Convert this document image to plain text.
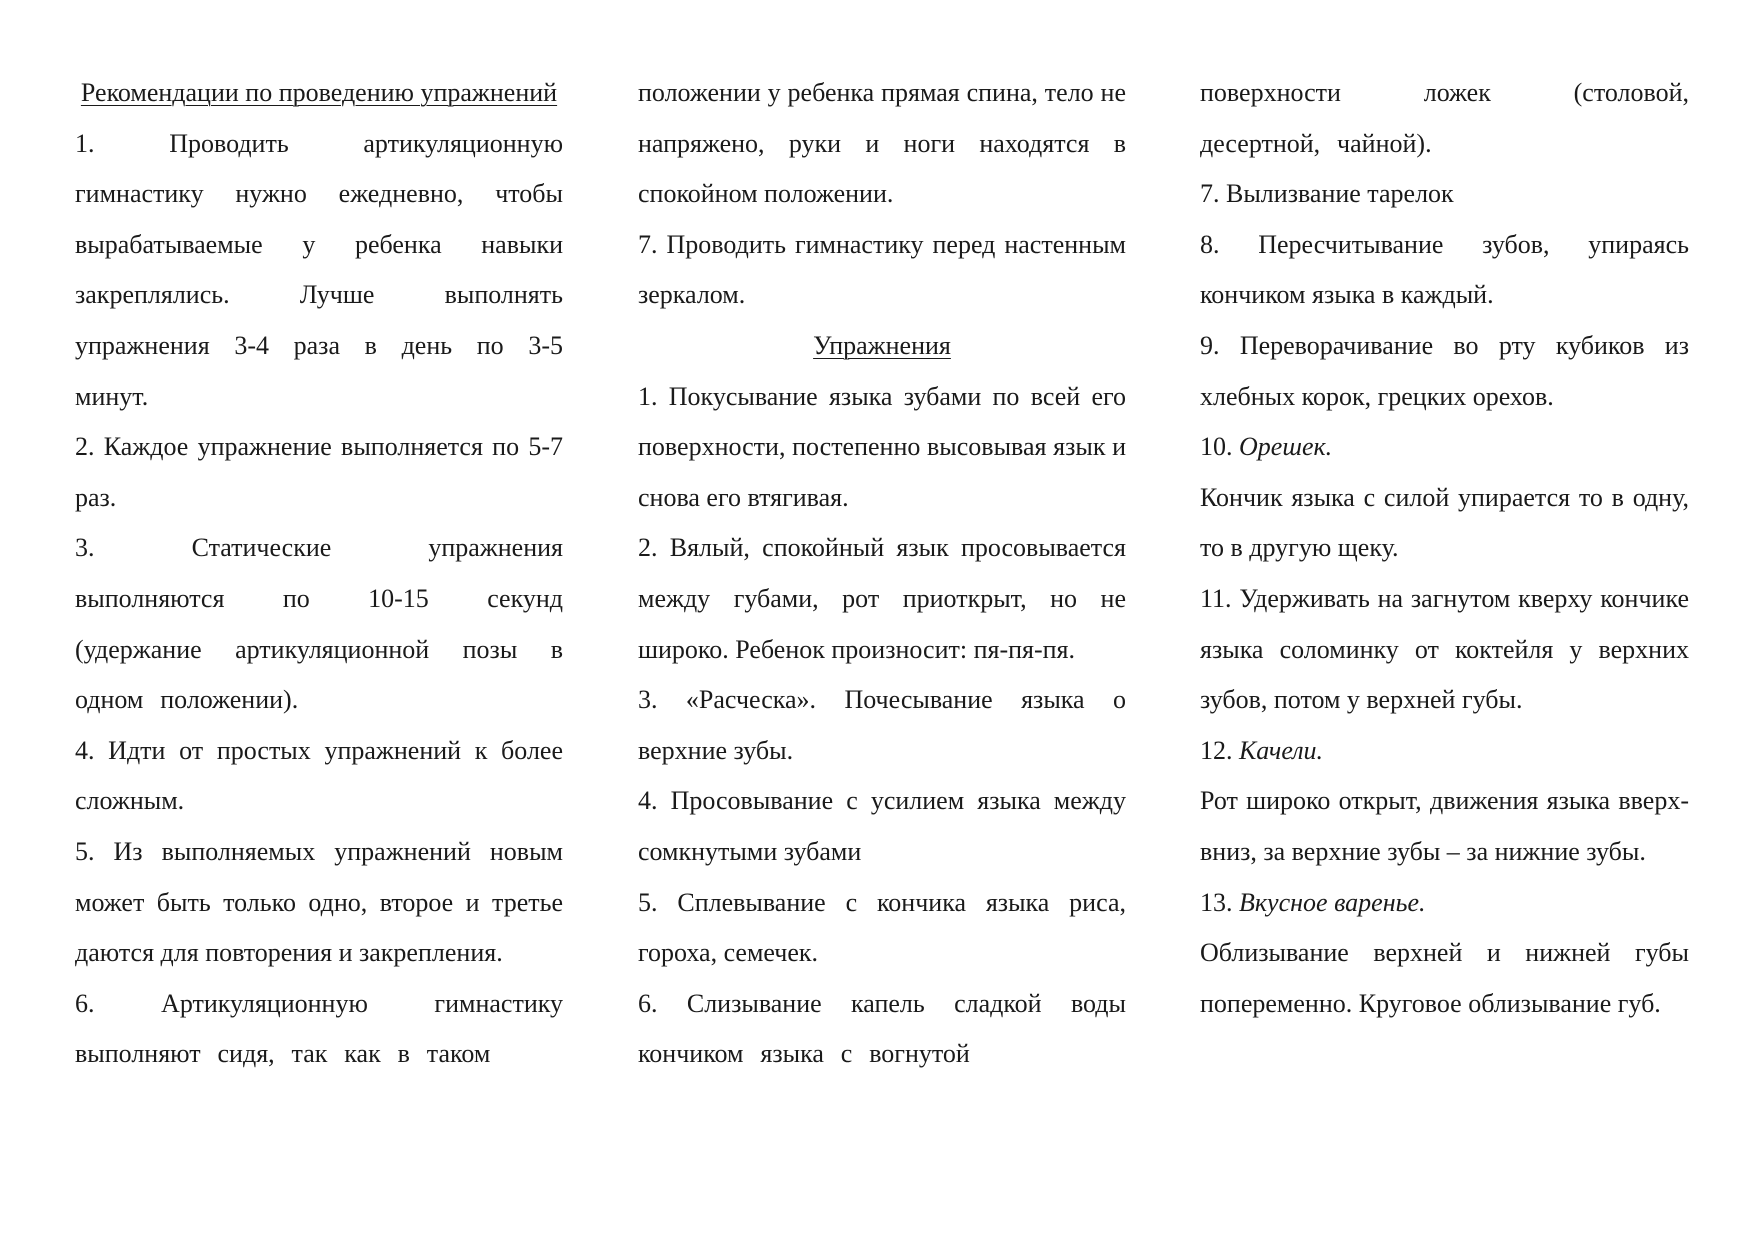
Рекомендации по проведению упражнений

1. Проводить артикуляционную гимнастику нужно ежедневно, чтобы вырабатываемые у ребенка навыки закреплялись. Лучше выполнять упражнения 3-4 раза в день по 3-5 минут.

2. Каждое упражнение выполняется по 5-7 раз.

3. Статические упражнения выполняются по 10-15 секунд (удержание артикуляционной позы в одном положении).

4. Идти от простых упражнений к более сложным.

5. Из выполняемых упражнений новым может быть только одно, второе и третье даются для повторения и закрепления.

6. Артикуляционную гимнастику выполняют сидя, так как в таком

положении у ребенка прямая спина, тело не напряжено, руки и ноги находятся в спокойном положении.

7. Проводить гимнастику перед настенным зеркалом.

Упражнения

1. Покусывание языка зубами по всей его поверхности, постепенно высовывая язык и снова его втягивая.

2. Вялый, спокойный язык просовывается между губами, рот приоткрыт, но не широко. Ребенок произносит: пя-пя-пя.

3. «Расческа». Почесывание языка о верхние зубы.

4. Просовывание с усилием языка между сомкнутыми зубами

5. Сплевывание с кончика языка риса, гороха, семечек.

6. Слизывание капель сладкой воды кончиком языка с вогнутой

поверхности ложек (столовой, десертной, чайной).

7. Вылизвание тарелок

8. Пересчитывание зубов, упираясь кончиком языка в каждый.

9. Переворачивание во рту кубиков из хлебных корок, грецких орехов.

10. Орешек.

Кончик языка с силой упирается то в одну, то в другую щеку.

11. Удерживать на загнутом кверху кончике языка соломинку от коктейля у верхних зубов, потом у верхней губы.

12. Качели.

Рот широко открыт, движения языка вверх-вниз, за верхние зубы – за нижние зубы.

13. Вкусное варенье.

Облизывание верхней и нижней губы попеременно. Круговое облизывание губ.
